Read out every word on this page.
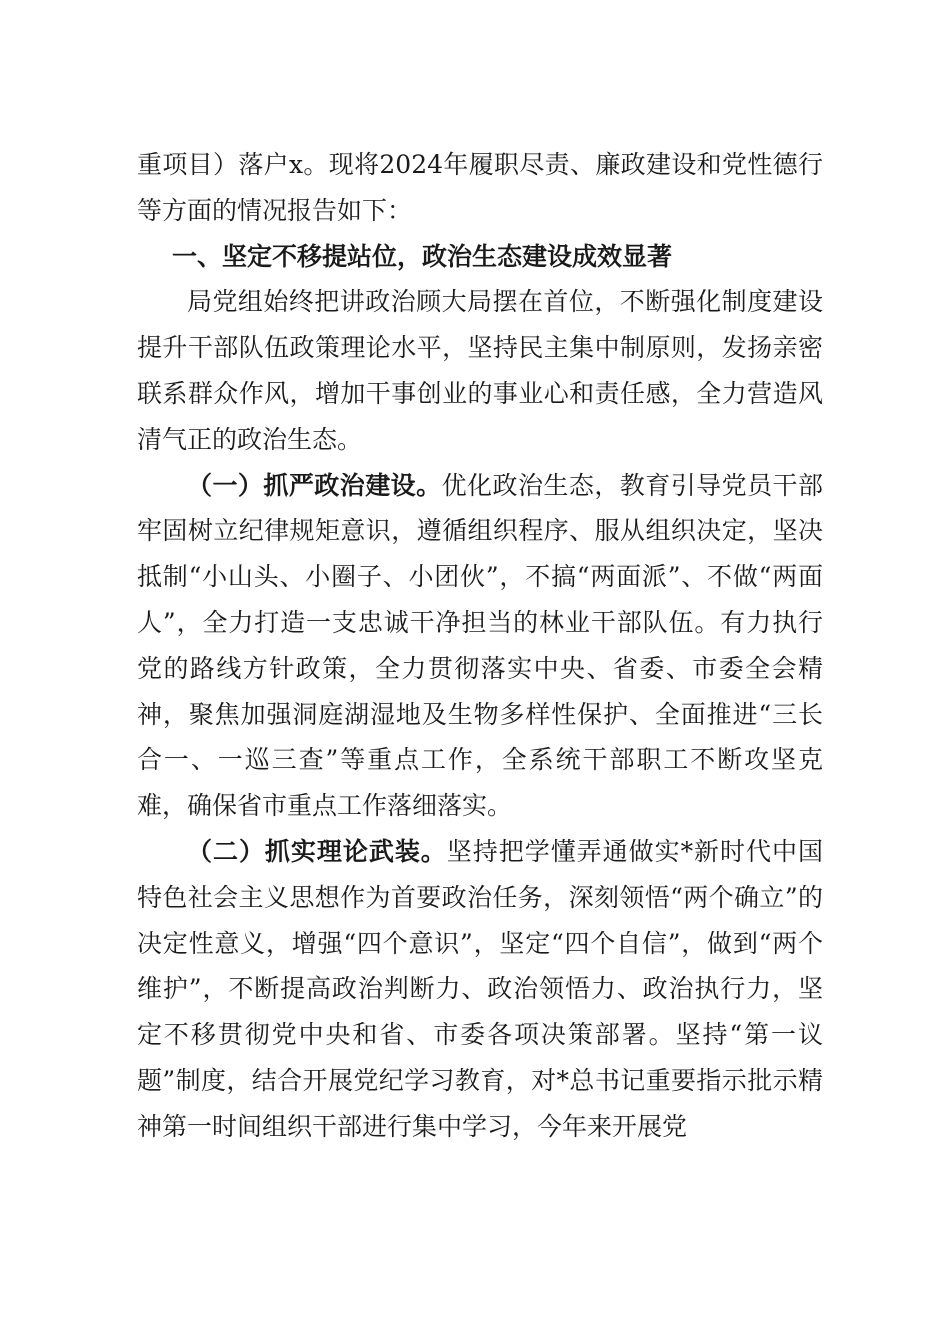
重项目）落户x。现将2024年履职尽责、廉政建设和党性德行等方面的情况报告如下：

一、坚定不移提站位，政治生态建设成效显著

局党组始终把讲政治顾大局摆在首位，不断强化制度建设提升干部队伍政策理论水平，坚持民主集中制原则，发扬亲密联系群众作风，增加干事创业的事业心和责任感，全力营造风清气正的政治生态。

（一）抓严政治建设。优化政治生态，教育引导党员干部牢固树立纪律规矩意识，遵循组织程序、服从组织决定，坚决抵制“小山头、小圈子、小团伙”，不搞“两面派”、不做“两面人”，全力打造一支忠诚干净担当的林业干部队伍。有力执行党的路线方针政策，全力贯彻落实中央、省委、市委全会精神，聚焦加强洞庭湖湿地及生物多样性保护、全面推进“三长合一、一巡三查”等重点工作，全系统干部职工不断攻坚克难，确保省市重点工作落细落实。

（二）抓实理论武装。坚持把学懂弄通做实*新时代中国特色社会主义思想作为首要政治任务，深刻领悟“两个确立”的决定性意义，增强“四个意识”，坚定“四个自信”，做到“两个维护”，不断提高政治判断力、政治领悟力、政治执行力，坚定不移贯彻党中央和省、市委各项决策部署。坚持“第一议题”制度，结合开展党纪学习教育，对*总书记重要指示批示精神第一时间组织干部进行集中学习，今年来开展党
